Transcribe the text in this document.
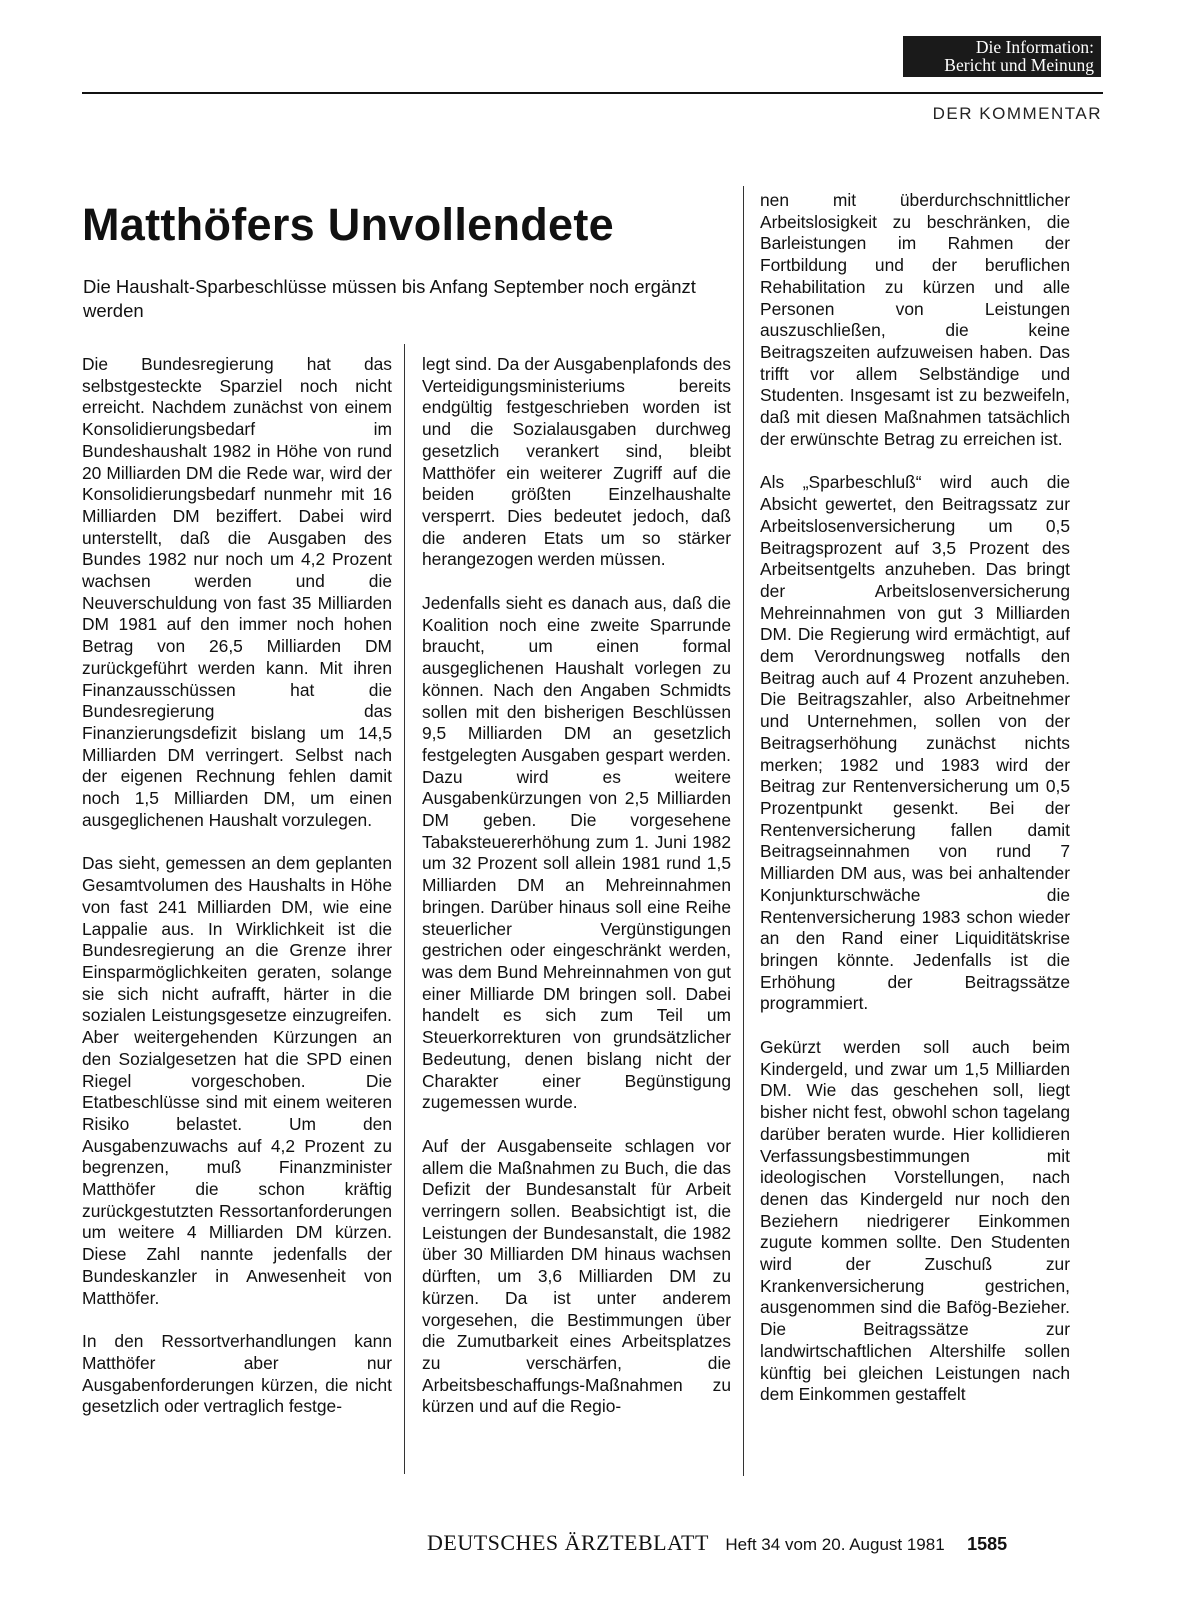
Die Information:
Bericht und Meinung
DER KOMMENTAR
Matthöfers Unvollendete

Die Haushalt-Sparbeschlüsse müssen bis Anfang September noch ergänzt werden

Die Bundesregierung hat das selbstgesteckte Sparziel noch nicht erreicht. Nachdem zunächst von einem Konsolidierungsbedarf im Bundeshaushalt 1982 in Höhe von rund 20 Milliarden DM die Rede war, wird der Konsolidierungsbedarf nunmehr mit 16 Milliarden DM beziffert. Dabei wird unterstellt, daß die Ausgaben des Bundes 1982 nur noch um 4,2 Prozent wachsen werden und die Neuverschuldung von fast 35 Milliarden DM 1981 auf den immer noch hohen Betrag von 26,5 Milliarden DM zurückgeführt werden kann. Mit ihren Finanzausschüssen hat die Bundesregierung das Finanzierungsdefizit bislang um 14,5 Milliarden DM verringert. Selbst nach der eigenen Rechnung fehlen damit noch 1,5 Milliarden DM, um einen ausgeglichenen Haushalt vorzulegen.

Das sieht, gemessen an dem geplanten Gesamtvolumen des Haushalts in Höhe von fast 241 Milliarden DM, wie eine Lappalie aus. In Wirklichkeit ist die Bundesregierung an die Grenze ihrer Einsparmöglichkeiten geraten, solange sie sich nicht aufrafft, härter in die sozialen Leistungsgesetze einzugreifen. Aber weitergehenden Kürzungen an den Sozialgesetzen hat die SPD einen Riegel vorgeschoben. Die Etatbeschlüsse sind mit einem weiteren Risiko belastet. Um den Ausgabenzuwachs auf 4,2 Prozent zu begrenzen, muß Finanzminister Matthöfer die schon kräftig zurückgestutzten Ressortanforderungen um weitere 4 Milliarden DM kürzen. Diese Zahl nannte jedenfalls der Bundeskanzler in Anwesenheit von Matthöfer.

In den Ressortverhandlungen kann Matthöfer aber nur Ausgabenforderungen kürzen, die nicht gesetzlich oder vertraglich festge-

legt sind. Da der Ausgabenplafonds des Verteidigungsministeriums bereits endgültig festgeschrieben worden ist und die Sozialausgaben durchweg gesetzlich verankert sind, bleibt Matthöfer ein weiterer Zugriff auf die beiden größten Einzelhaushalte versperrt. Dies bedeutet jedoch, daß die anderen Etats um so stärker herangezogen werden müssen.

Jedenfalls sieht es danach aus, daß die Koalition noch eine zweite Sparrunde braucht, um einen formal ausgeglichenen Haushalt vorlegen zu können. Nach den Angaben Schmidts sollen mit den bisherigen Beschlüssen 9,5 Milliarden DM an gesetzlich festgelegten Ausgaben gespart werden. Dazu wird es weitere Ausgabenkürzungen von 2,5 Milliarden DM geben. Die vorgesehene Tabaksteuererhöhung zum 1. Juni 1982 um 32 Prozent soll allein 1981 rund 1,5 Milliarden DM an Mehreinnahmen bringen. Darüber hinaus soll eine Reihe steuerlicher Vergünstigungen gestrichen oder eingeschränkt werden, was dem Bund Mehreinnahmen von gut einer Milliarde DM bringen soll. Dabei handelt es sich zum Teil um Steuerkorrekturen von grundsätzlicher Bedeutung, denen bislang nicht der Charakter einer Begünstigung zugemessen wurde.

Auf der Ausgabenseite schlagen vor allem die Maßnahmen zu Buch, die das Defizit der Bundesanstalt für Arbeit verringern sollen. Beabsichtigt ist, die Leistungen der Bundesanstalt, die 1982 über 30 Milliarden DM hinaus wachsen dürften, um 3,6 Milliarden DM zu kürzen. Da ist unter anderem vorgesehen, die Bestimmungen über die Zumutbarkeit eines Arbeitsplatzes zu verschärfen, die Arbeitsbeschaffungs-Maßnahmen zu kürzen und auf die Regio-

nen mit überdurchschnittlicher Arbeitslosigkeit zu beschränken, die Barleistungen im Rahmen der Fortbildung und der beruflichen Rehabilitation zu kürzen und alle Personen von Leistungen auszuschließen, die keine Beitragszeiten aufzuweisen haben. Das trifft vor allem Selbständige und Studenten. Insgesamt ist zu bezweifeln, daß mit diesen Maßnahmen tatsächlich der erwünschte Betrag zu erreichen ist.

Als „Sparbeschluß“ wird auch die Absicht gewertet, den Beitragssatz zur Arbeitslosenversicherung um 0,5 Beitragsprozent auf 3,5 Prozent des Arbeitsentgelts anzuheben. Das bringt der Arbeitslosenversicherung Mehreinnahmen von gut 3 Milliarden DM. Die Regierung wird ermächtigt, auf dem Verordnungsweg notfalls den Beitrag auch auf 4 Prozent anzuheben. Die Beitragszahler, also Arbeitnehmer und Unternehmen, sollen von der Beitragserhöhung zunächst nichts merken; 1982 und 1983 wird der Beitrag zur Rentenversicherung um 0,5 Prozentpunkt gesenkt. Bei der Rentenversicherung fallen damit Beitragseinnahmen von rund 7 Milliarden DM aus, was bei anhaltender Konjunkturschwäche die Rentenversicherung 1983 schon wieder an den Rand einer Liquiditätskrise bringen könnte. Jedenfalls ist die Erhöhung der Beitragssätze programmiert.

Gekürzt werden soll auch beim Kindergeld, und zwar um 1,5 Milliarden DM. Wie das geschehen soll, liegt bisher nicht fest, obwohl schon tagelang darüber beraten wurde. Hier kollidieren Verfassungsbestimmungen mit ideologischen Vorstellungen, nach denen das Kindergeld nur noch den Beziehern niedrigerer Einkommen zugute kommen sollte. Den Studenten wird der Zuschuß zur Krankenversicherung gestrichen, ausgenommen sind die Bafög-Bezieher. Die Beitragssätze zur landwirtschaftlichen Altershilfe sollen künftig bei gleichen Leistungen nach dem Einkommen gestaffelt

DEUTSCHES ÄRZTEBLATT Heft 34 vom 20. August 1981 1585
